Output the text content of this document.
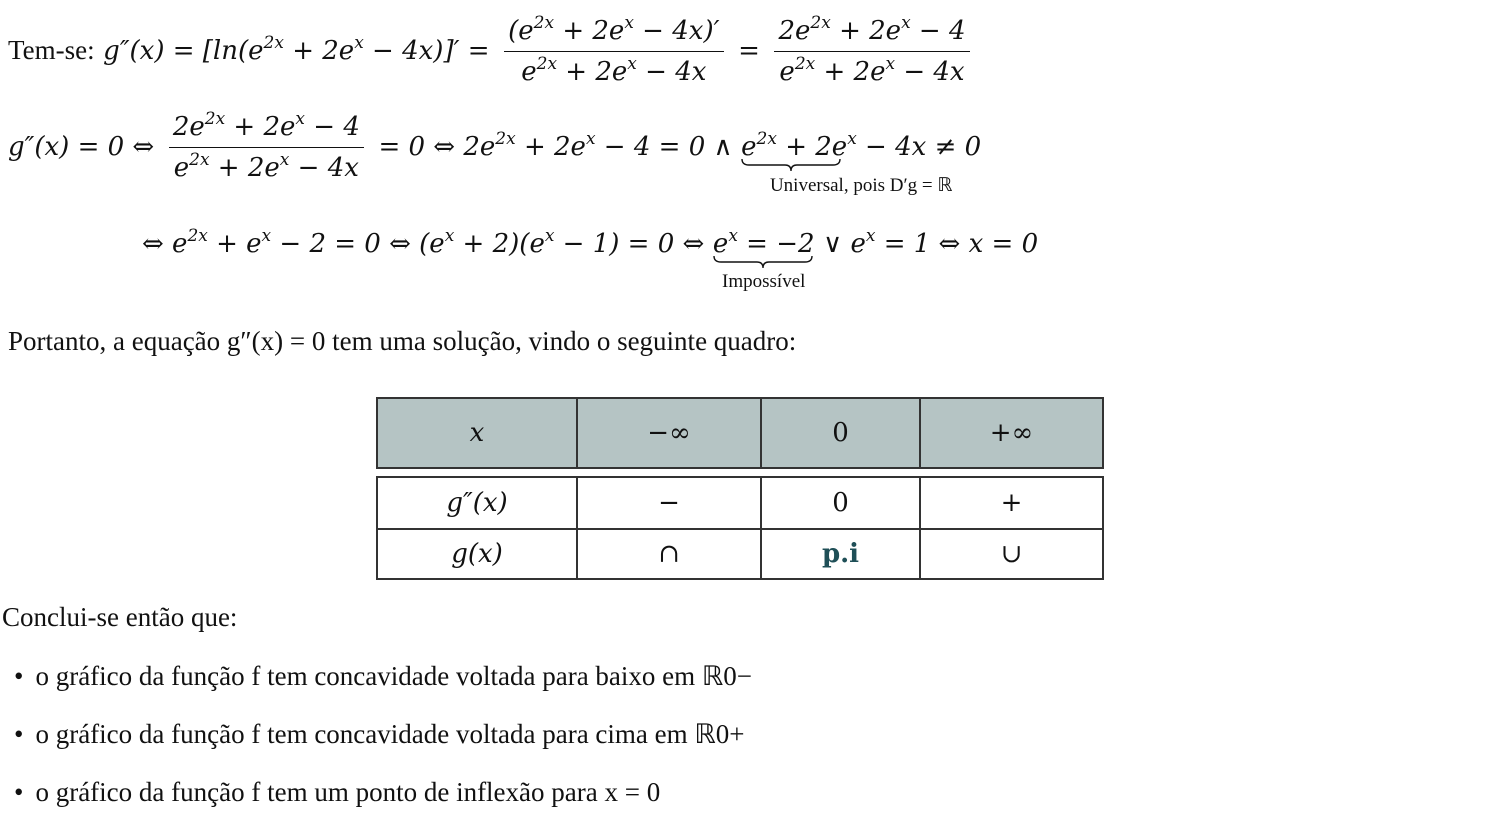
Tem-se: $g''(x) = [\ln(e^{2x} + 2e^x - 4x)]' = \frac{(e^{2x} + 2e^x - 4x)'}{e^{2x} + 2e^x - 4x} = \frac{2e^{2x} + 2e^x - 4}{e^{2x} + 2e^x - 4x}$
g″(x) = 0 ⇔ $\frac{2e^{2x} + 2e^x - 4}{e^{2x} + 2e^x - 4x} = 0$ ⇔ $2e^{2x} + 2e^x - 4 = 0$ ∧ $e^{2x} + 2e^x - 4x \ne 0$
Universal, pois D′g = ℝ
⇔ $e^{2x} + e^x - 2 = 0$ ⇔ $(e^x + 2)(e^x - 1) = 0$ ⇔ $e^x = -2$
Impossível
∨ $e^x = 1$ ⇔ x = 0
Portanto, a equação g″(x) = 0 tem uma solução, vindo o seguinte quadro:
x	−∞	0	+∞
g″(x)	−	0	+
g(x)	∩	p.i	∪
Conclui-se então que:
• o gráfico da função f tem concavidade voltada para baixo em ℝ0−
• o gráfico da função f tem concavidade voltada para cima em ℝ0+
• o gráfico da função f tem um ponto de inflexão para x = 0
